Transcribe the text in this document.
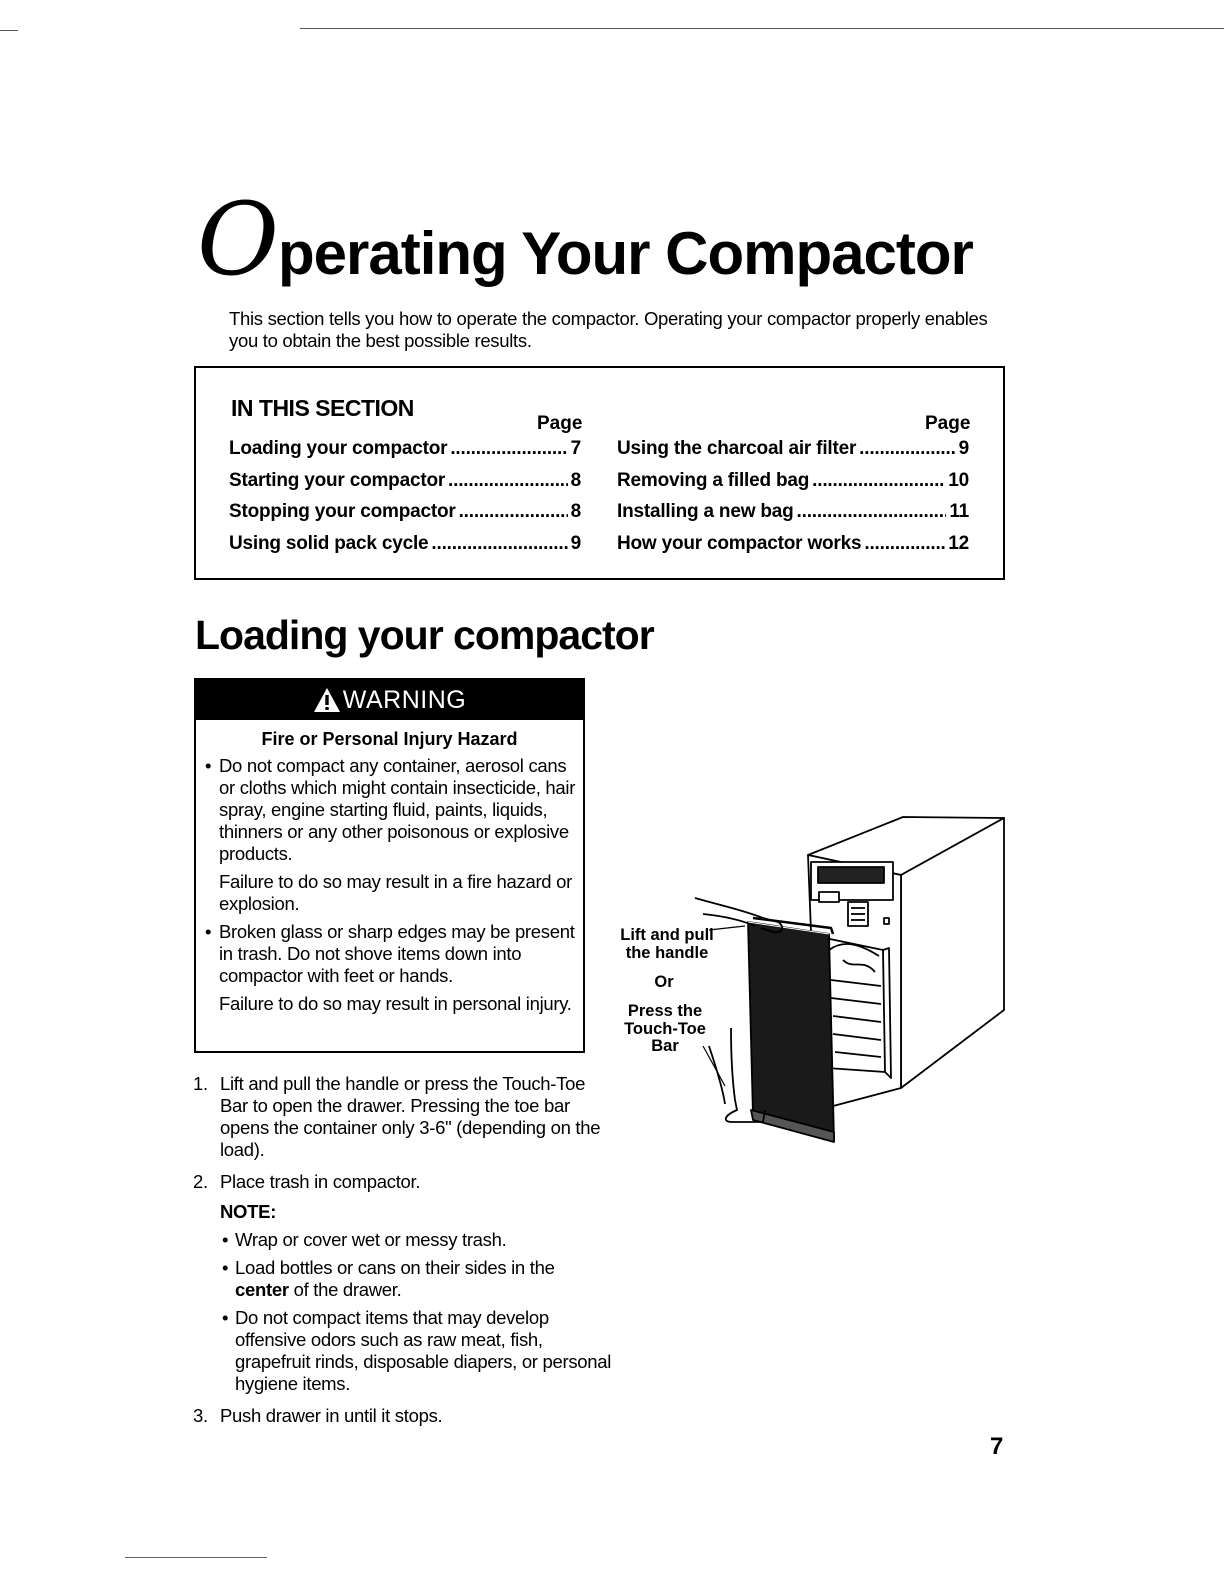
Operating Your Compactor

This section tells you how to operate the compactor. Operating your compactor properly enables you to obtain the best possible results.

IN THIS SECTION
Page	Page
Loading your compactor .....	7
Starting your compactor .....	8
Stopping your compactor .....	8
Using solid pack cycle .....	9
Using the charcoal air filter .....	9
Removing a filled bag .....	10
Installing a new bag .....	11
How your compactor works .....	12
Loading your compactor
WARNING
Fire or Personal Injury Hazard
• Do not compact any container, aerosol cans or cloths which might contain insecticide, hair spray, engine starting fluid, paints, liquids, thinners or any other poisonous or explosive products.

Failure to do so may result in a fire hazard or explosion.

• Broken glass or sharp edges may be present in trash. Do not shove items down into compactor with feet or hands.

Failure to do so may result in personal injury.

1. Lift and pull the handle or press the Touch-Toe Bar to open the drawer. Pressing the toe bar opens the container only 3-6" (depending on the load).

2. Place trash in compactor.

NOTE:
• Wrap or cover wet or messy trash.
• Load bottles or cans on their sides in the center of the drawer.
• Do not compact items that may develop offensive odors such as raw meat, fish, grapefruit rinds, disposable diapers, or personal hygiene items.
3. Push drawer in until it stops.

Lift and pull
the handle
Or
Press the
Touch-Toe
Bar
7
